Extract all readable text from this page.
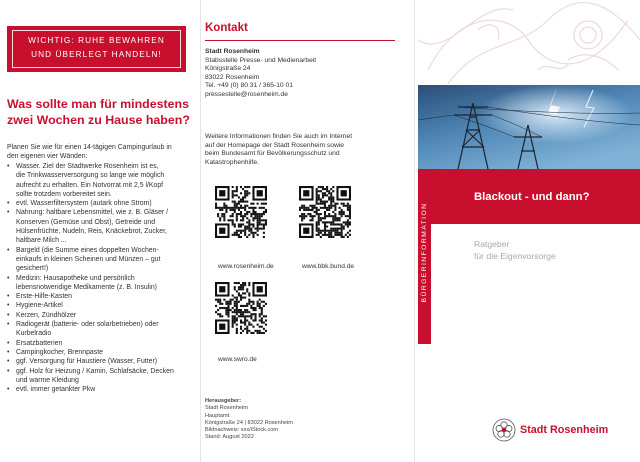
WICHTIG: RUHE BEWAHREN
UND ÜBERLEGT HANDELN!
Was sollte man für mindestens
zwei Wochen zu Hause haben?

Planen Sie wie für einen 14-tägigen Campingurlaub in
den eigenen vier Wänden:

• Wasser. Ziel der Stadtwerke Rosenheim ist es,
die Trinkwasserversorgung so lange wie möglich
aufrecht zu erhalten. Ein Notvorrat mit 2,5 l/Kopf
sollte trotzdem vorbereitet sein.
• evtl. Wasserfiltersystem (autark ohne Strom)
• Nahrung: haltbare Lebensmittel, wie z. B. Gläser /
Konserven (Gemüse und Obst), Getreide und
Hülsenfrüchte, Nudeln, Reis, Knäckebrot, Zucker,
haltbare Milch ...
• Bargeld (die Summe eines doppelten Wochen-
einkaufs in kleinen Scheinen und Münzen – gut
gesichert!)
• Medizin: Hausapotheke und persönlich
lebensnotwendige Medikamente (z. B. Insulin)
• Erste-Hilfe-Kasten
• Hygiene-Artikel
• Kerzen, Zündhölzer
• Radiogerät (batterie- oder solarbetrieben) oder
Kurbelradio
• Ersatzbatterien
• Campingkocher, Brennpaste
• ggf. Versorgung für Haustiere (Wasser, Futter)
• ggf. Holz für Heizung / Kamin, Schlafsäcke, Decken
und warme Kleidung
• evtl. immer getankter Pkw
Kontakt
Stadt Rosenheim
Stabsstelle Presse- und Medienarbeit
Königstraße 24
83022 Rosenheim
Tel. +49 (0) 80 31 / 365-10 01
pressestelle@rosenheim.de
Weitere Informationen finden Sie auch im Internet
auf der Homepage der Stadt Rosenheim sowie
beim Bundesamt für Bevölkerungsschutz und
Katastrophenhilfe.
www.rosenheim.de	www.bbk.bund.de
www.swro.de
Herausgeber:
Stadt Rosenheim
Hauptamt
Königstraße 24 | 83022 Rosenheim
Bildnachweis: xxx/iStock.com
Stand: August 2022
BÜRGERINFORMATION
Blackout - und dann?

Ratgeber
für die Eigenvorsorge

Stadt Rosenheim
